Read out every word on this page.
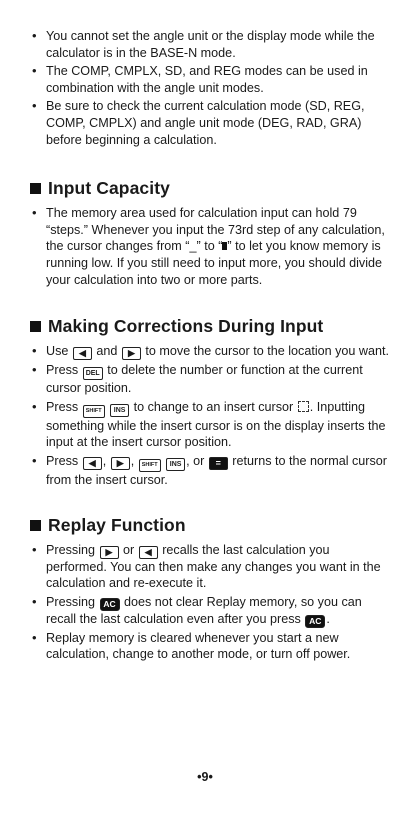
• You cannot set the angle unit or the display mode while the calculator is in the BASE-N mode.
• The COMP, CMPLX, SD, and REG modes can be used in combination with the angle unit modes.
• Be sure to check the current calculation mode (SD, REG, COMP, CMPLX) and angle unit mode (DEG, RAD, GRA) before beginning a calculation.
Input Capacity
• The memory area used for calculation input can hold 79 “steps.” Whenever you input the 73rd step of any calculation, the cursor changes from “_” to “ ” to let you know memory is running low. If you still need to input more, you should divide your calculation into two or more parts.
Making Corrections During Input
• Use ◀ and ▶ to move the cursor to the location you want.
• Press DEL to delete the number or function at the current cursor position.
• Press SHIFT INS to change to an insert cursor . Inputting something while the insert cursor is on the display inserts the input at the insert cursor position.
• Press ◀ , ▶ , SHIFT INS , or = returns to the normal cursor from the insert cursor.
Replay Function
• Pressing ▶ or ◀ recalls the last calculation you performed. You can then make any changes you want in the calculation and re-execute it.
• Pressing AC does not clear Replay memory, so you can recall the last calculation even after you press AC .
• Replay memory is cleared whenever you start a new calculation, change to another mode, or turn off power.
•9•
